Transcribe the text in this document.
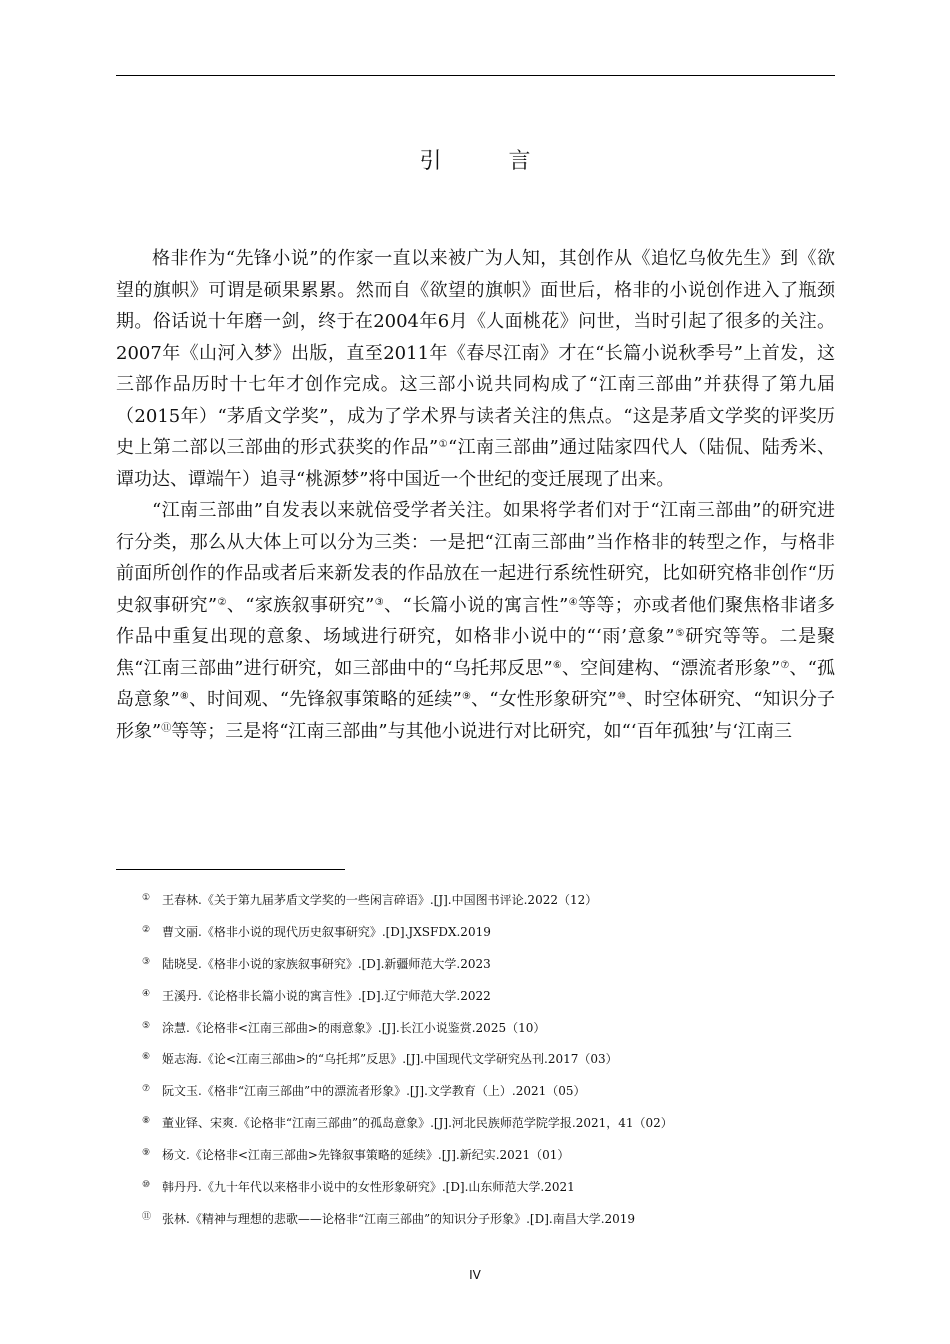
引 言

格非作为“先锋小说”的作家一直以来被广为人知，其创作从《追忆乌攸先生》到《欲望的旗帜》可谓是硕果累累。然而自《欲望的旗帜》面世后，格非的小说创作进入了瓶颈期。俗话说十年磨一剑，终于在2004年6月《人面桃花》问世，当时引起了很多的关注。2007年《山河入梦》出版，直至2011年《春尽江南》才在“长篇小说秋季号”上首发，这三部作品历时十七年才创作完成。这三部小说共同构成了“江南三部曲”并获得了第九届（2015年）“茅盾文学奖”，成为了学术界与读者关注的焦点。“这是茅盾文学奖的评奖历史上第二部以三部曲的形式获奖的作品”①“江南三部曲”通过陆家四代人（陆侃、陆秀米、谭功达、谭端午）追寻“桃源梦”将中国近一个世纪的变迁展现了出来。

“江南三部曲”自发表以来就倍受学者关注。如果将学者们对于“江南三部曲”的研究进行分类，那么从大体上可以分为三类：一是把“江南三部曲”当作格非的转型之作，与格非前面所创作的作品或者后来新发表的作品放在一起进行系统性研究，比如研究格非创作“历史叙事研究”②、“家族叙事研究”③、“长篇小说的寓言性”④等等；亦或者他们聚焦格非诸多作品中重复出现的意象、场域进行研究，如格非小说中的“‘雨’意象”⑤研究等等。二是聚焦“江南三部曲”进行研究，如三部曲中的“乌托邦反思”⑥、空间建构、“漂流者形象”⑦、“孤岛意象”⑧、时间观、“先锋叙事策略的延续”⑨、“女性形象研究”⑩、时空体研究、“知识分子形象”⑪等等；三是将“江南三部曲”与其他小说进行对比研究，如“‘百年孤独’与‘江南三

① 王春林.《关于第九届茅盾文学奖的一些闲言碎语》.[J].中国图书评论.2022（12）
② 曹文丽.《格非小说的现代历史叙事研究》.[D].JXSFDX.2019
③ 陆晓旻.《格非小说的家族叙事研究》.[D].新疆师范大学.2023
④ 王溪丹.《论格非长篇小说的寓言性》.[D].辽宁师范大学.2022
⑤ 涂慧.《论格非<江南三部曲>的雨意象》.[J].长江小说鉴赏.2025（10）
⑥ 姬志海.《论<江南三部曲>的“乌托邦”反思》.[J].中国现代文学研究丛刊.2017（03）
⑦ 阮文玉.《格非“江南三部曲”中的漂流者形象》.[J].文学教育（上）.2021（05）
⑧ 董业铎、宋爽.《论格非“江南三部曲”的孤岛意象》.[J].河北民族师范学院学报.2021，41（02）
⑨ 杨文.《论格非<江南三部曲>先锋叙事策略的延续》.[J].新纪实.2021（01）
⑩ 韩丹丹.《九十年代以来格非小说中的女性形象研究》.[D].山东师范大学.2021
⑪ 张林.《精神与理想的悲歌——论格非“江南三部曲”的知识分子形象》.[D].南昌大学.2019
IV
